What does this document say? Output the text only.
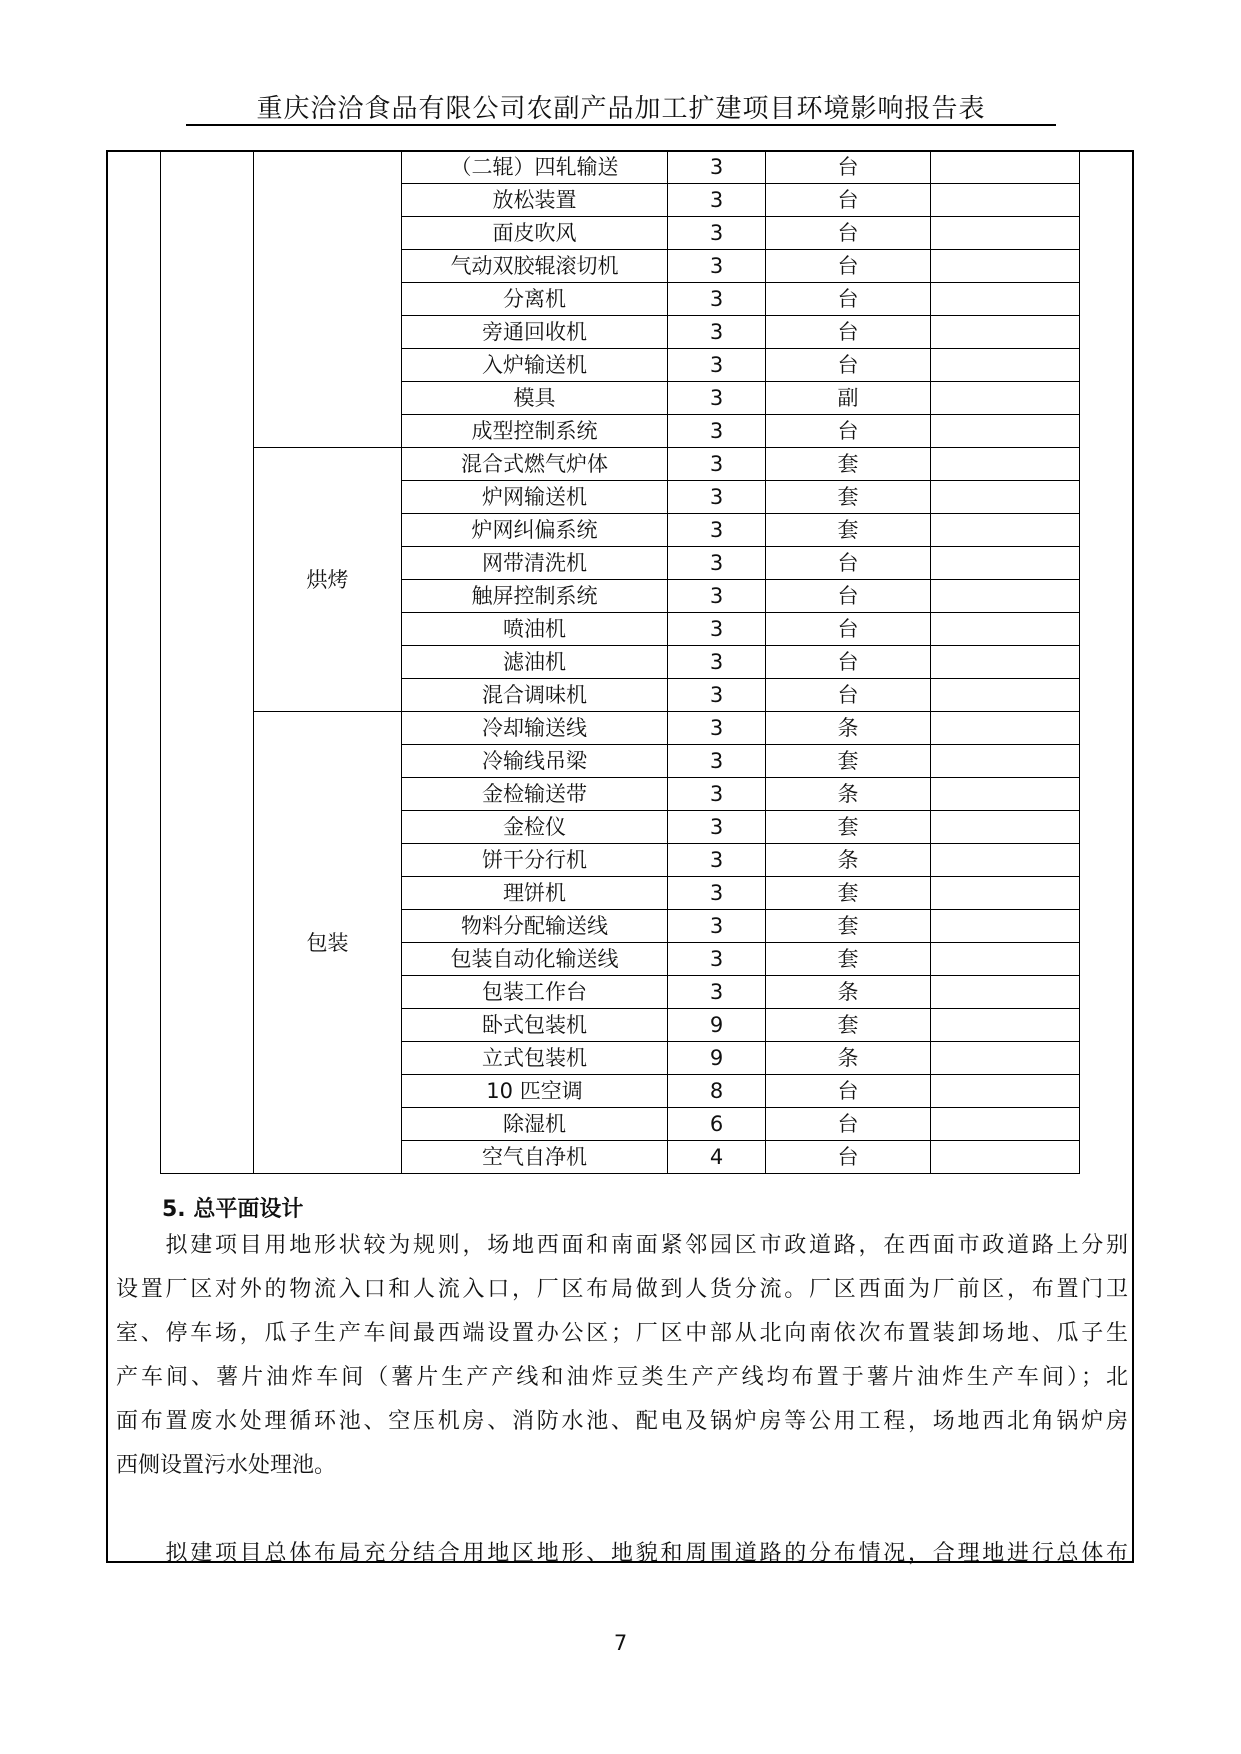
重庆洽洽食品有限公司农副产品加工扩建项目环境影响报告表
		（二辊）四轧输送	3	台	
		放松装置	3	台	
		面皮吹风	3	台	
		气动双胶辊滚切机	3	台	
		分离机	3	台	
		旁通回收机	3	台	
		入炉输送机	3	台	
		模具	3	副	
		成型控制系统	3	台	
	烘烤	混合式燃气炉体	3	套	
		炉网输送机	3	套	
		炉网纠偏系统	3	套	
		网带清洗机	3	台	
		触屏控制系统	3	台	
		喷油机	3	台	
		滤油机	3	台	
		混合调味机	3	台	
	包装	冷却输送线	3	条	
		冷输线吊梁	3	套	
		金检输送带	3	条	
		金检仪	3	套	
		饼干分行机	3	条	
		理饼机	3	套	
		物料分配输送线	3	套	
		包装自动化输送线	3	套	
		包装工作台	3	条	
		卧式包装机	9	套	
		立式包装机	9	条	
		10 匹空调	8	台	
		除湿机	6	台	
		空气自净机	4	台	
5. 总平面设计
　　拟建项目用地形状较为规则，场地西面和南面紧邻园区市政道路，在西面市政道路上分别
设置厂区对外的物流入口和人流入口，厂区布局做到人货分流。厂区西面为厂前区，布置门卫
室、停车场，瓜子生产车间最西端设置办公区；厂区中部从北向南依次布置装卸场地、瓜子生
产车间、薯片油炸车间（薯片生产产线和油炸豆类生产产线均布置于薯片油炸生产车间）；北
面布置废水处理循环池、空压机房、消防水池、配电及锅炉房等公用工程，场地西北角锅炉房
西侧设置污水处理池。
　　拟建项目总体布局充分结合用地区地形、地貌和周围道路的分布情况，合理地进行总体布
7
